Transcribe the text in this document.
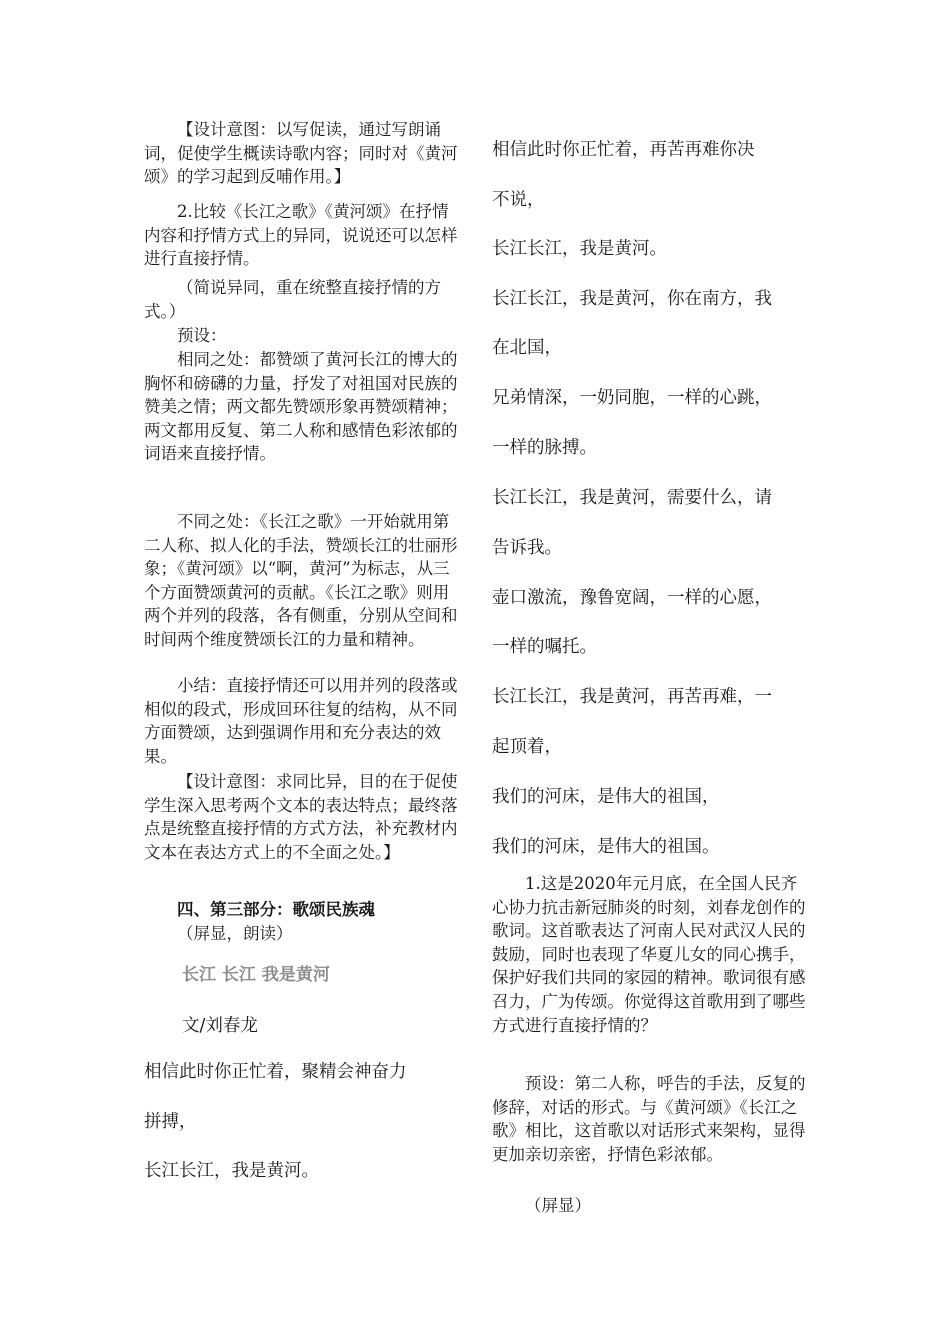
【设计意图：以写促读，通过写朗诵词，促使学生概读诗歌内容；同时对《黄河颂》的学习起到反哺作用。】

2.比较《长江之歌》《黄河颂》在抒情内容和抒情方式上的异同，说说还可以怎样进行直接抒情。

（简说异同，重在统整直接抒情的方式。）

预设：

相同之处：都赞颂了黄河长江的博大的胸怀和磅礴的力量，抒发了对祖国对民族的赞美之情；两文都先赞颂形象再赞颂精神；两文都用反复、第二人称和感情色彩浓郁的词语来直接抒情。

不同之处：《长江之歌》一开始就用第二人称、拟人化的手法，赞颂长江的壮丽形象；《黄河颂》以“啊，黄河”为标志，从三个方面赞颂黄河的贡献。《长江之歌》则用两个并列的段落，各有侧重，分别从空间和时间两个维度赞颂长江的力量和精神。

小结：直接抒情还可以用并列的段落或相似的段式，形成回环往复的结构，从不同方面赞颂，达到强调作用和充分表达的效果。

【设计意图：求同比异，目的在于促使学生深入思考两个文本的表达特点；最终落点是统整直接抒情的方式方法，补充教材内文本在表达方式上的不全面之处。】

四、第三部分：歌颂民族魂

（屏显，朗读）

长江 长江 我是黄河

文/刘春龙

相信此时你正忙着，聚精会神奋力

拼搏，

长江长江，我是黄河。

相信此时你正忙着，再苦再难你决

不说，

长江长江，我是黄河。

长江长江，我是黄河，你在南方，我

在北国，

兄弟情深，一奶同胞，一样的心跳，

一样的脉搏。

长江长江，我是黄河，需要什么，请

告诉我。

壶口激流，豫鲁宽阔，一样的心愿，

一样的嘱托。

长江长江，我是黄河，再苦再难，一

起顶着，

我们的河床，是伟大的祖国，

我们的河床，是伟大的祖国。

1.这是2020年元月底，在全国人民齐心协力抗击新冠肺炎的时刻，刘春龙创作的歌词。这首歌表达了河南人民对武汉人民的鼓励，同时也表现了华夏儿女的同心携手，保护好我们共同的家园的精神。歌词很有感召力，广为传颂。你觉得这首歌用到了哪些方式进行直接抒情的？

预设：第二人称，呼告的手法，反复的修辞，对话的形式。与《黄河颂》《长江之歌》相比，这首歌以对话形式来架构，显得更加亲切亲密，抒情色彩浓郁。

（屏显）
